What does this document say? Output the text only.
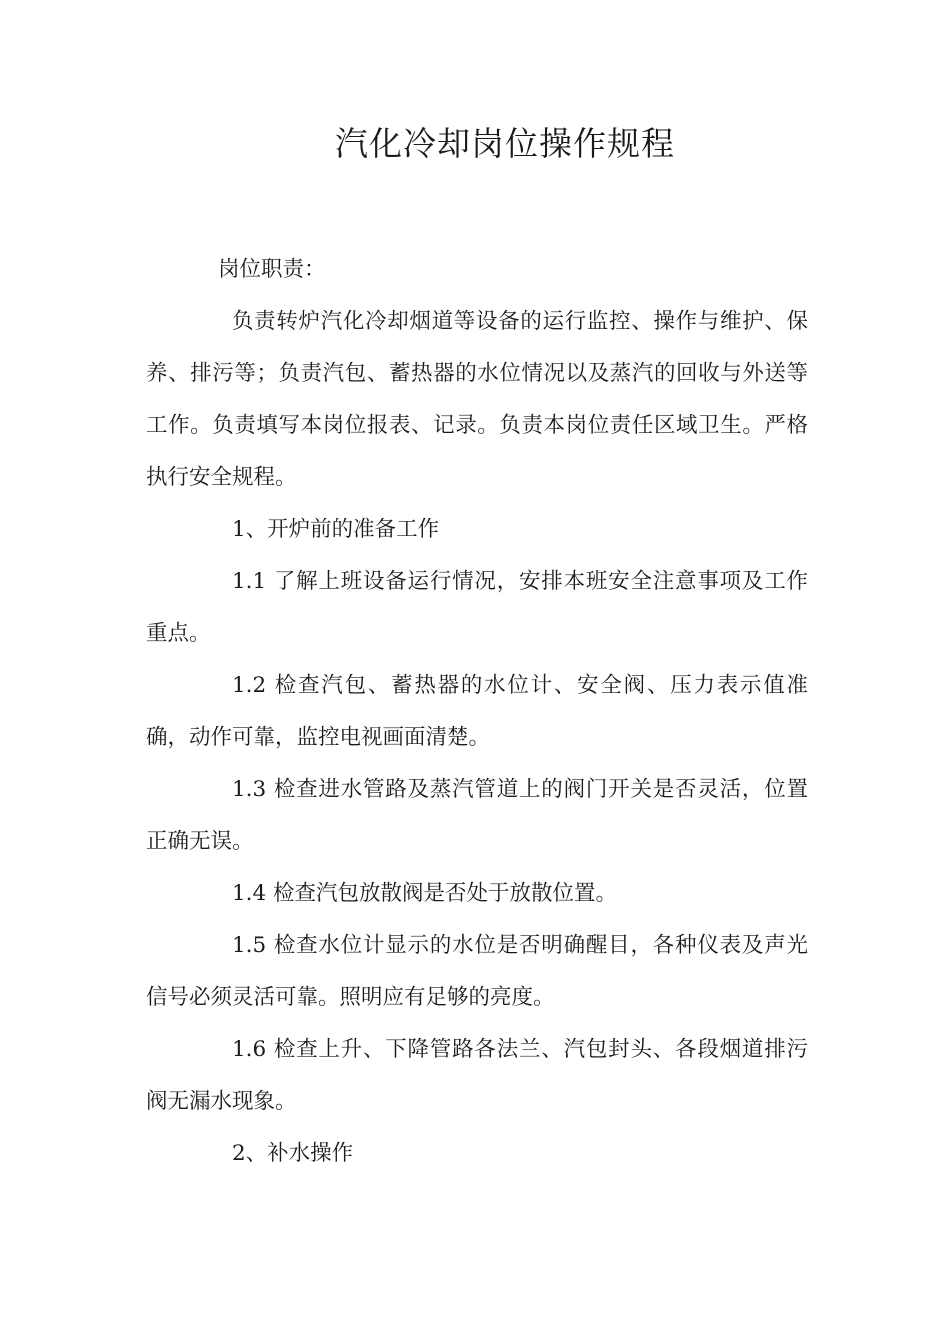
汽化冷却岗位操作规程

岗位职责：

负责转炉汽化冷却烟道等设备的运行监控、操作与维护、保养、排污等；负责汽包、蓄热器的水位情况以及蒸汽的回收与外送等工作。负责填写本岗位报表、记录。负责本岗位责任区域卫生。严格执行安全规程。

1、开炉前的准备工作

1.1 了解上班设备运行情况，安排本班安全注意事项及工作重点。

1.2 检查汽包、蓄热器的水位计、安全阀、压力表示值准确，动作可靠，监控电视画面清楚。

1.3 检查进水管路及蒸汽管道上的阀门开关是否灵活，位置正确无误。

1.4 检查汽包放散阀是否处于放散位置。

1.5 检查水位计显示的水位是否明确醒目，各种仪表及声光信号必须灵活可靠。照明应有足够的亮度。

1.6 检查上升、下降管路各法兰、汽包封头、各段烟道排污阀无漏水现象。

2、补水操作
